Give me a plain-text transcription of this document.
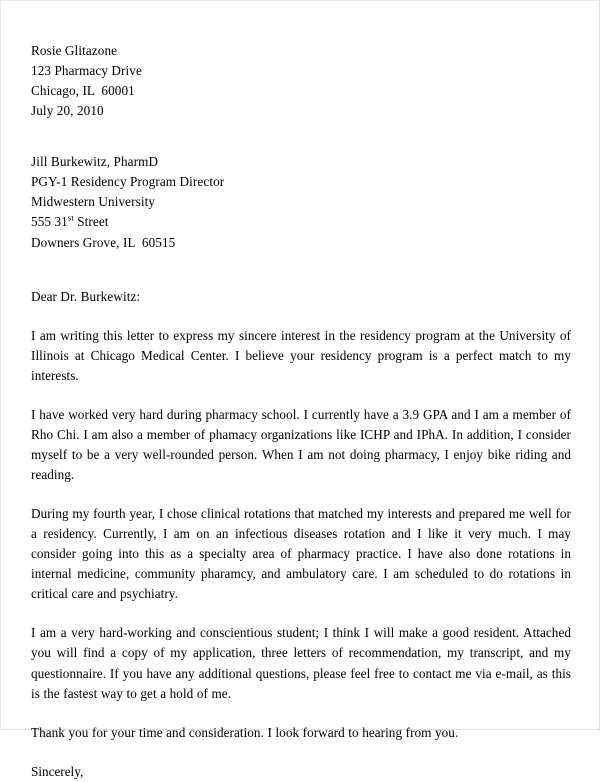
Rosie Glitazone
123 Pharmacy Drive
Chicago, IL  60001
July 20, 2010
Jill Burkewitz, PharmD
PGY-1 Residency Program Director
Midwestern University
555 31st Street
Downers Grove, IL  60515
Dear Dr. Burkewitz:

I am writing this letter to express my sincere interest in the residency program at the University of Illinois at Chicago Medical Center. I believe your residency program is a perfect match to my interests.

I have worked very hard during pharmacy school. I currently have a 3.9 GPA and I am a member of Rho Chi. I am also a member of phamacy organizations like ICHP and IPhA. In addition, I consider myself to be a very well-rounded person. When I am not doing pharmacy, I enjoy bike riding and reading.

During my fourth year, I chose clinical rotations that matched my interests and prepared me well for a residency. Currently, I am on an infectious diseases rotation and I like it very much. I may consider going into this as a specialty area of pharmacy practice. I have also done rotations in internal medicine, community pharamcy, and ambulatory care. I am scheduled to do rotations in critical care and psychiatry.

I am a very hard-working and conscientious student; I think I will make a good resident. Attached you will find a copy of my application, three letters of recommendation, my transcript, and my questionnaire. If you have any additional questions, please feel free to contact me via e-mail, as this is the fastest way to get a hold of me.

Thank you for your time and consideration. I look forward to hearing from you.

Sincerely,
